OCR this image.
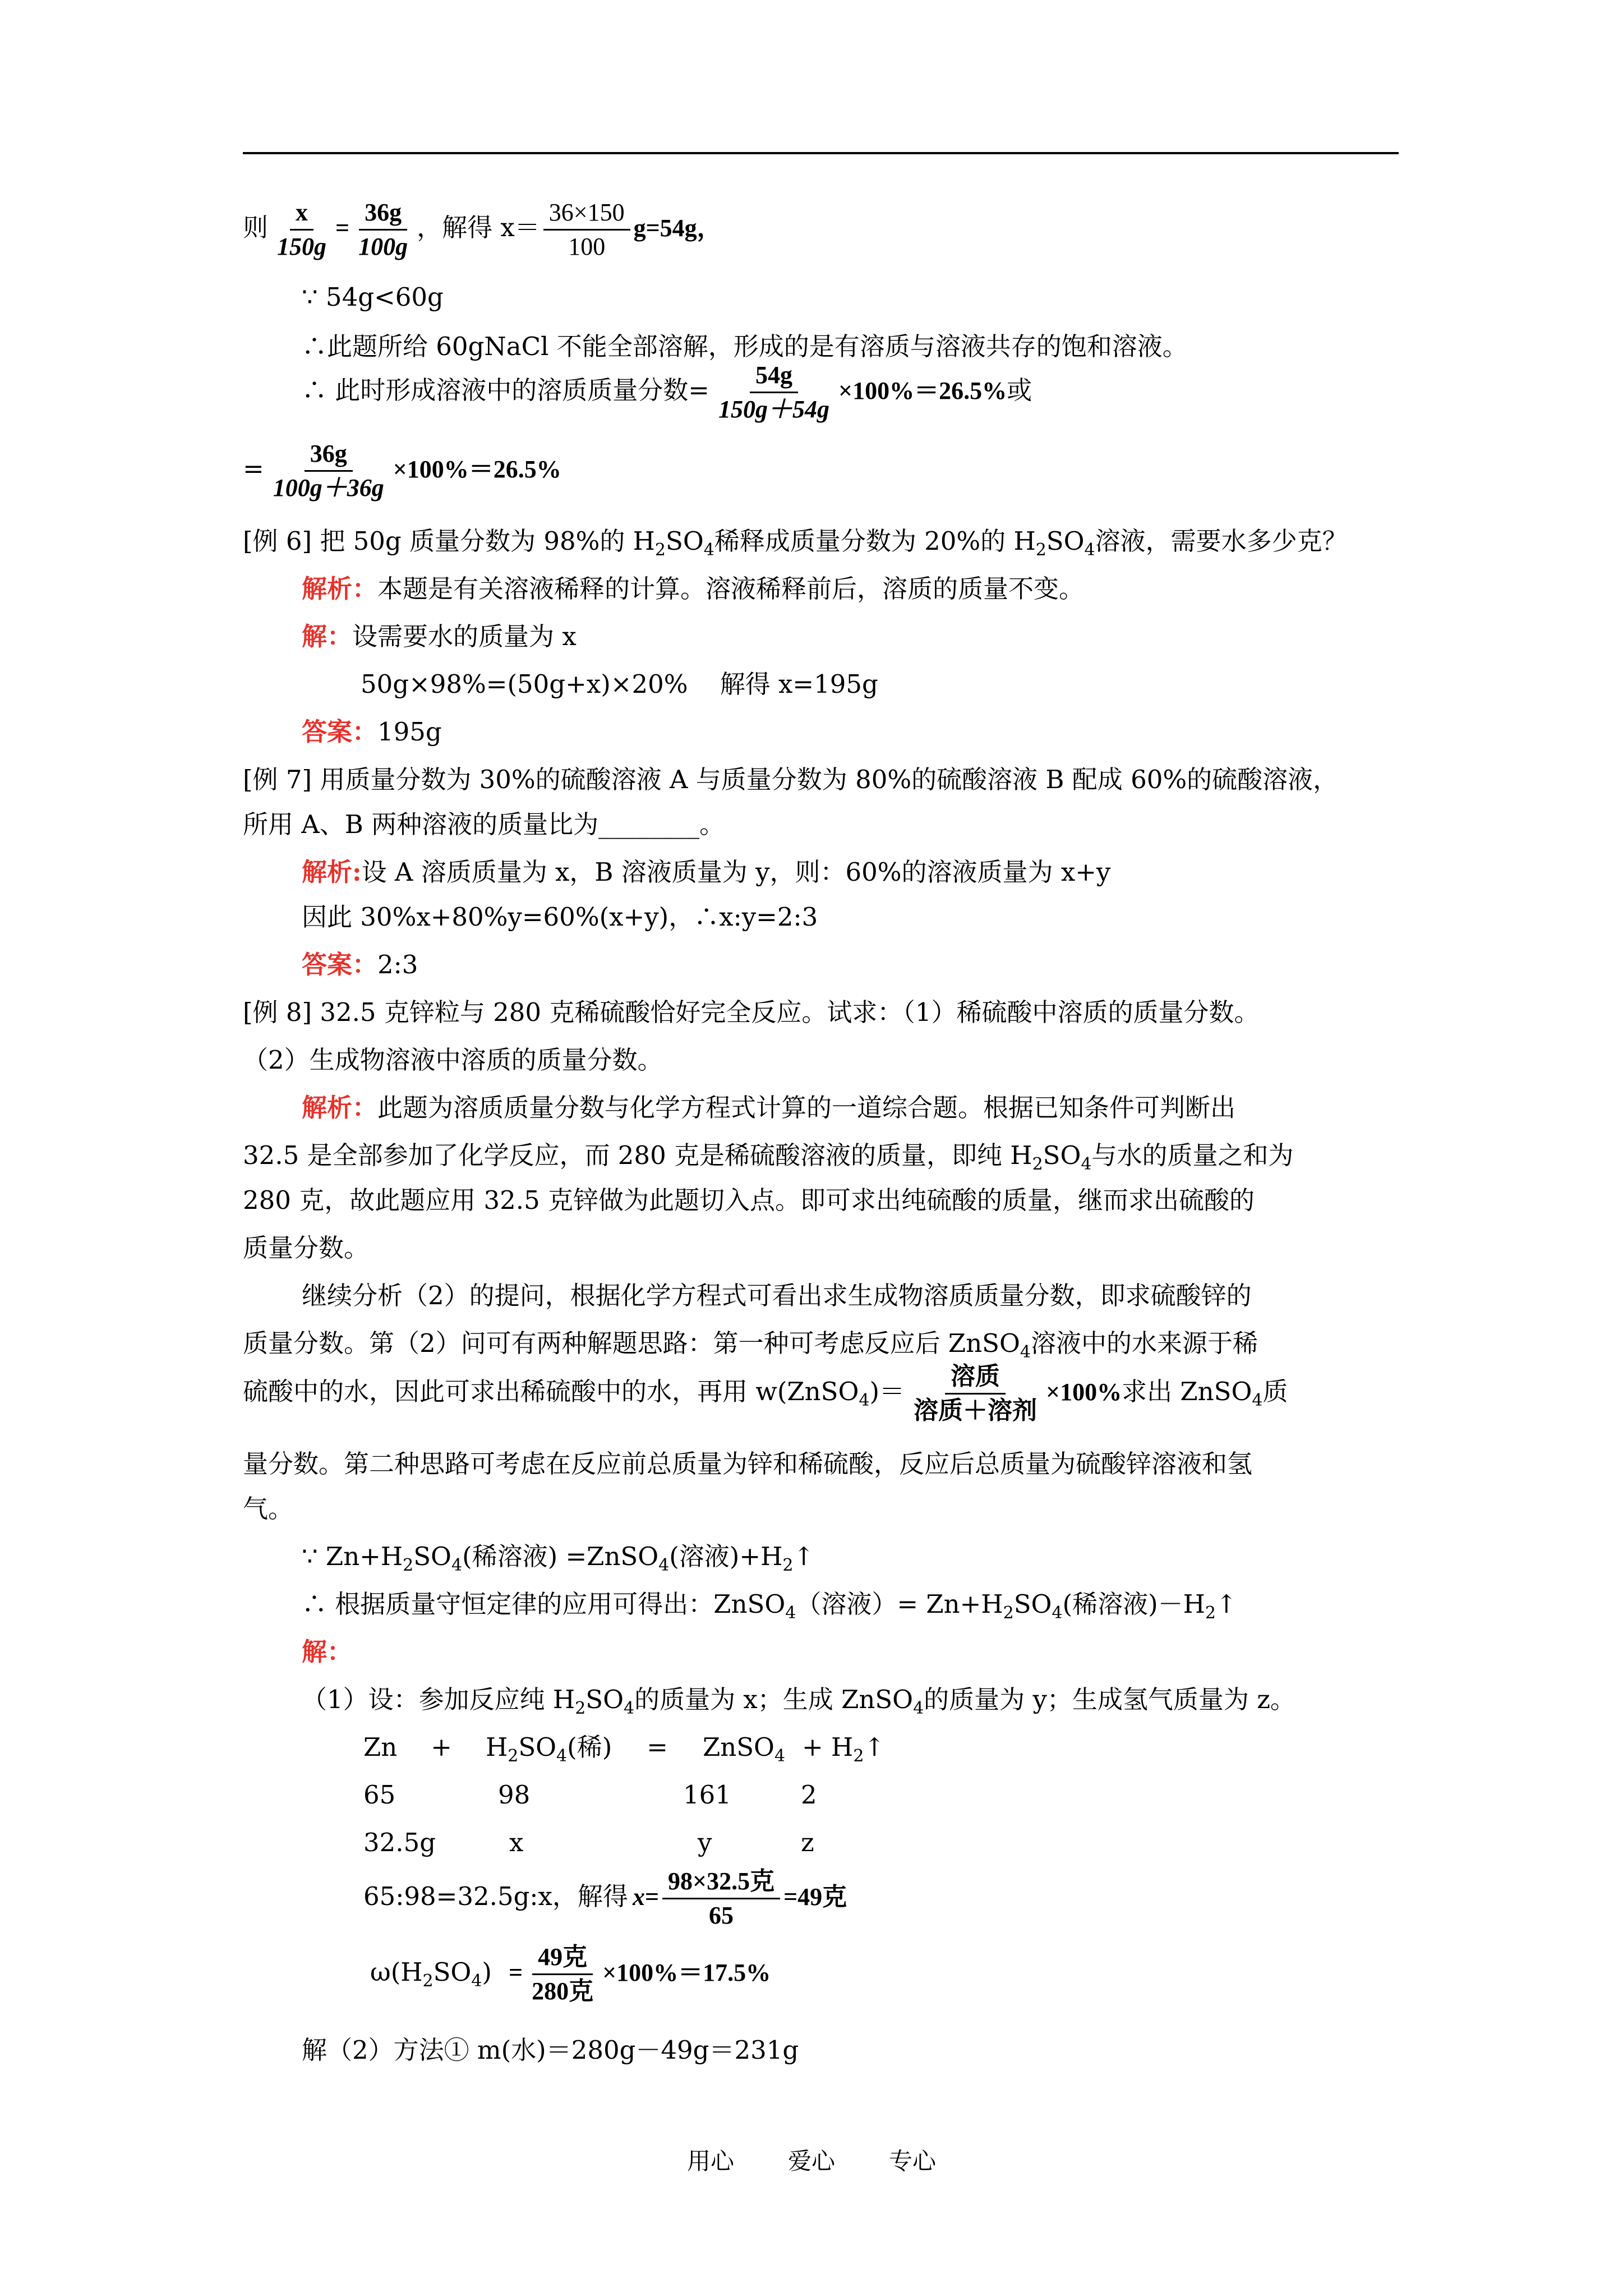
则 $\frac{x}{150g} = \frac{36g}{100g}$ ，解得 $x= \frac{36\times 150}{100} g=54g$，
∵ 54g<60g
∴此题所给 60gNaCl 不能全部溶解，形成的是有溶质与溶液共存的饱和溶液。
∴ 此时形成溶液中的溶质质量分数= $\frac{54g}{150g+54g} \times 100\%=26.5\%$或
= $\frac{36g}{100g+36g} \times 100\%=26.5\%$
[例 6] 把 50g 质量分数为 98%的 $H_2SO_4$稀释成质量分数为 20%的 $H_2SO_4$溶液，需要水多少克？
解析：本题是有关溶液稀释的计算。溶液稀释前后，溶质的质量不变。
解：设需要水的质量为 x
50g×98%=(50g+x)×20%    解得 x=195g
答案：195g
[例 7] 用质量分数为 30%的硫酸溶液 A 与质量分数为 80%的硫酸溶液 B 配成 60%的硫酸溶液，
所用 A、B 两种溶液的质量比为________。
解析:设 A 溶质质量为 x，B 溶液质量为 y，则：60%的溶液质量为 x+y
因此 30%x+80%y=60%(x+y)，∴x:y=2:3
答案：2:3
[例 8] 32.5 克锌粒与 280 克稀硫酸恰好完全反应。试求：（1）稀硫酸中溶质的质量分数。
（2）生成物溶液中溶质的质量分数。
解析：此题为溶质质量分数与化学方程式计算的一道综合题。根据已知条件可判断出
32.5 是全部参加了化学反应，而 280 克是稀硫酸溶液的质量，即纯 $H_2SO_4$与水的质量之和为
280 克，故此题应用 32.5 克锌做为此题切入点。即可求出纯硫酸的质量，继而求出硫酸的
质量分数。
继续分析（2）的提问，根据化学方程式可看出求生成物溶质质量分数，即求硫酸锌的
质量分数。第（2）问可有两种解题思路：第一种可考虑反应后 ZnSO$_4$溶液中的水来源于稀
硫酸中的水，因此可求出稀硫酸中的水，再用 w(ZnSO$_4$)＝ $\frac{\text{溶质}}{\text{溶质＋溶剂}} \times 100\%$求出 ZnSO$_4$质
量分数。第二种思路可考虑在反应前总质量为锌和稀硫酸，反应后总质量为硫酸锌溶液和氢
气。
∵ $Zn+H_2SO_4$(稀溶液) =ZnSO$_4$(溶液)$+H_2↑$
∴ 根据质量守恒定律的应用可得出：ZnSO$_4$（溶液）= $Zn+H_2SO_4$(稀溶液)$-H_2↑$
解：
（1）设：参加反应纯 $H_2SO_4$的质量为 x；生成 ZnSO$_4$的质量为 y；生成氢气质量为 z。
$Zn + H_2SO_4$(稀) = ZnSO$_4$ + $H_2↑$
65	98	161	2
32.5g	x	y	z
65:98=32.5g:x，解得 $x= \frac{\text{98×32.5克}}{65} =49$克
$\omega(H_2SO_4) = \frac{\text{49克}}{\text{280克}} \times 100\%=17.5\%$
解（2）方法① m(水)＝280g－49g＝231g
用心 爱心 专心
